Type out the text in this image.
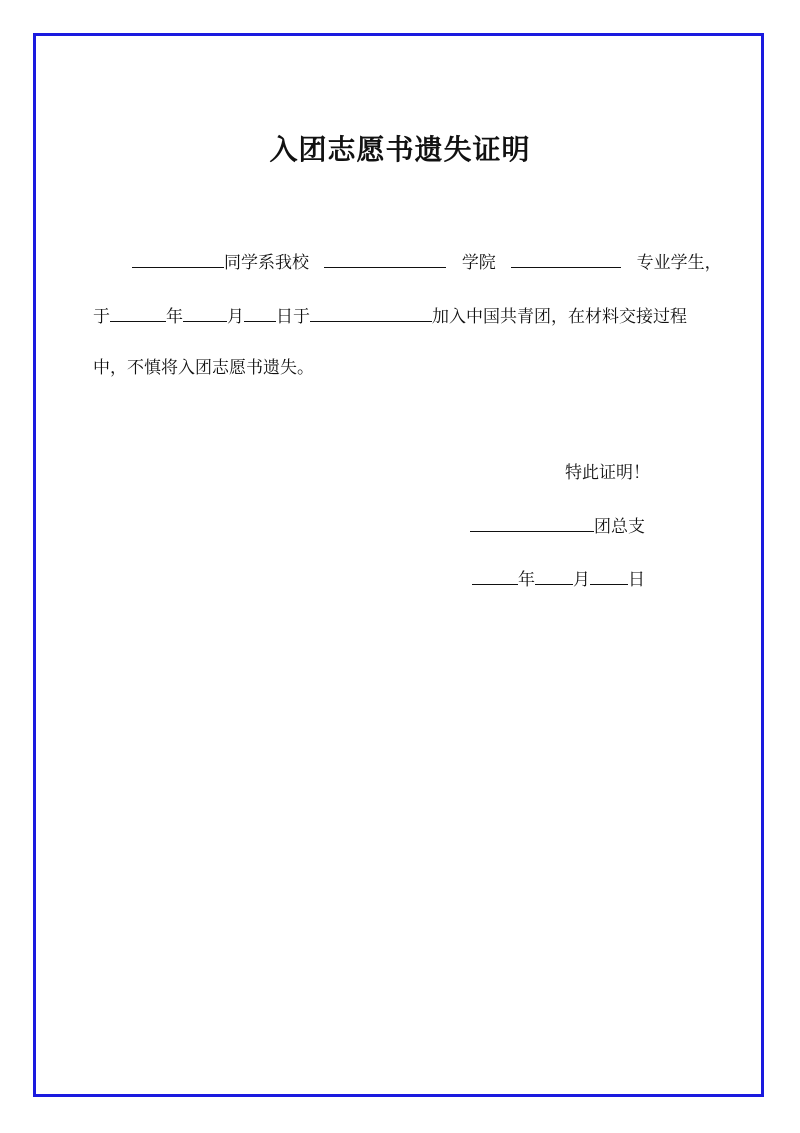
入团志愿书遗失证明
同学系我校	学院	专业学生，
于	年	月 日于	加入中国共青团，在材料交接过程
中，不慎将入团志愿书遗失。
特此证明！
团总支
年 月 日
